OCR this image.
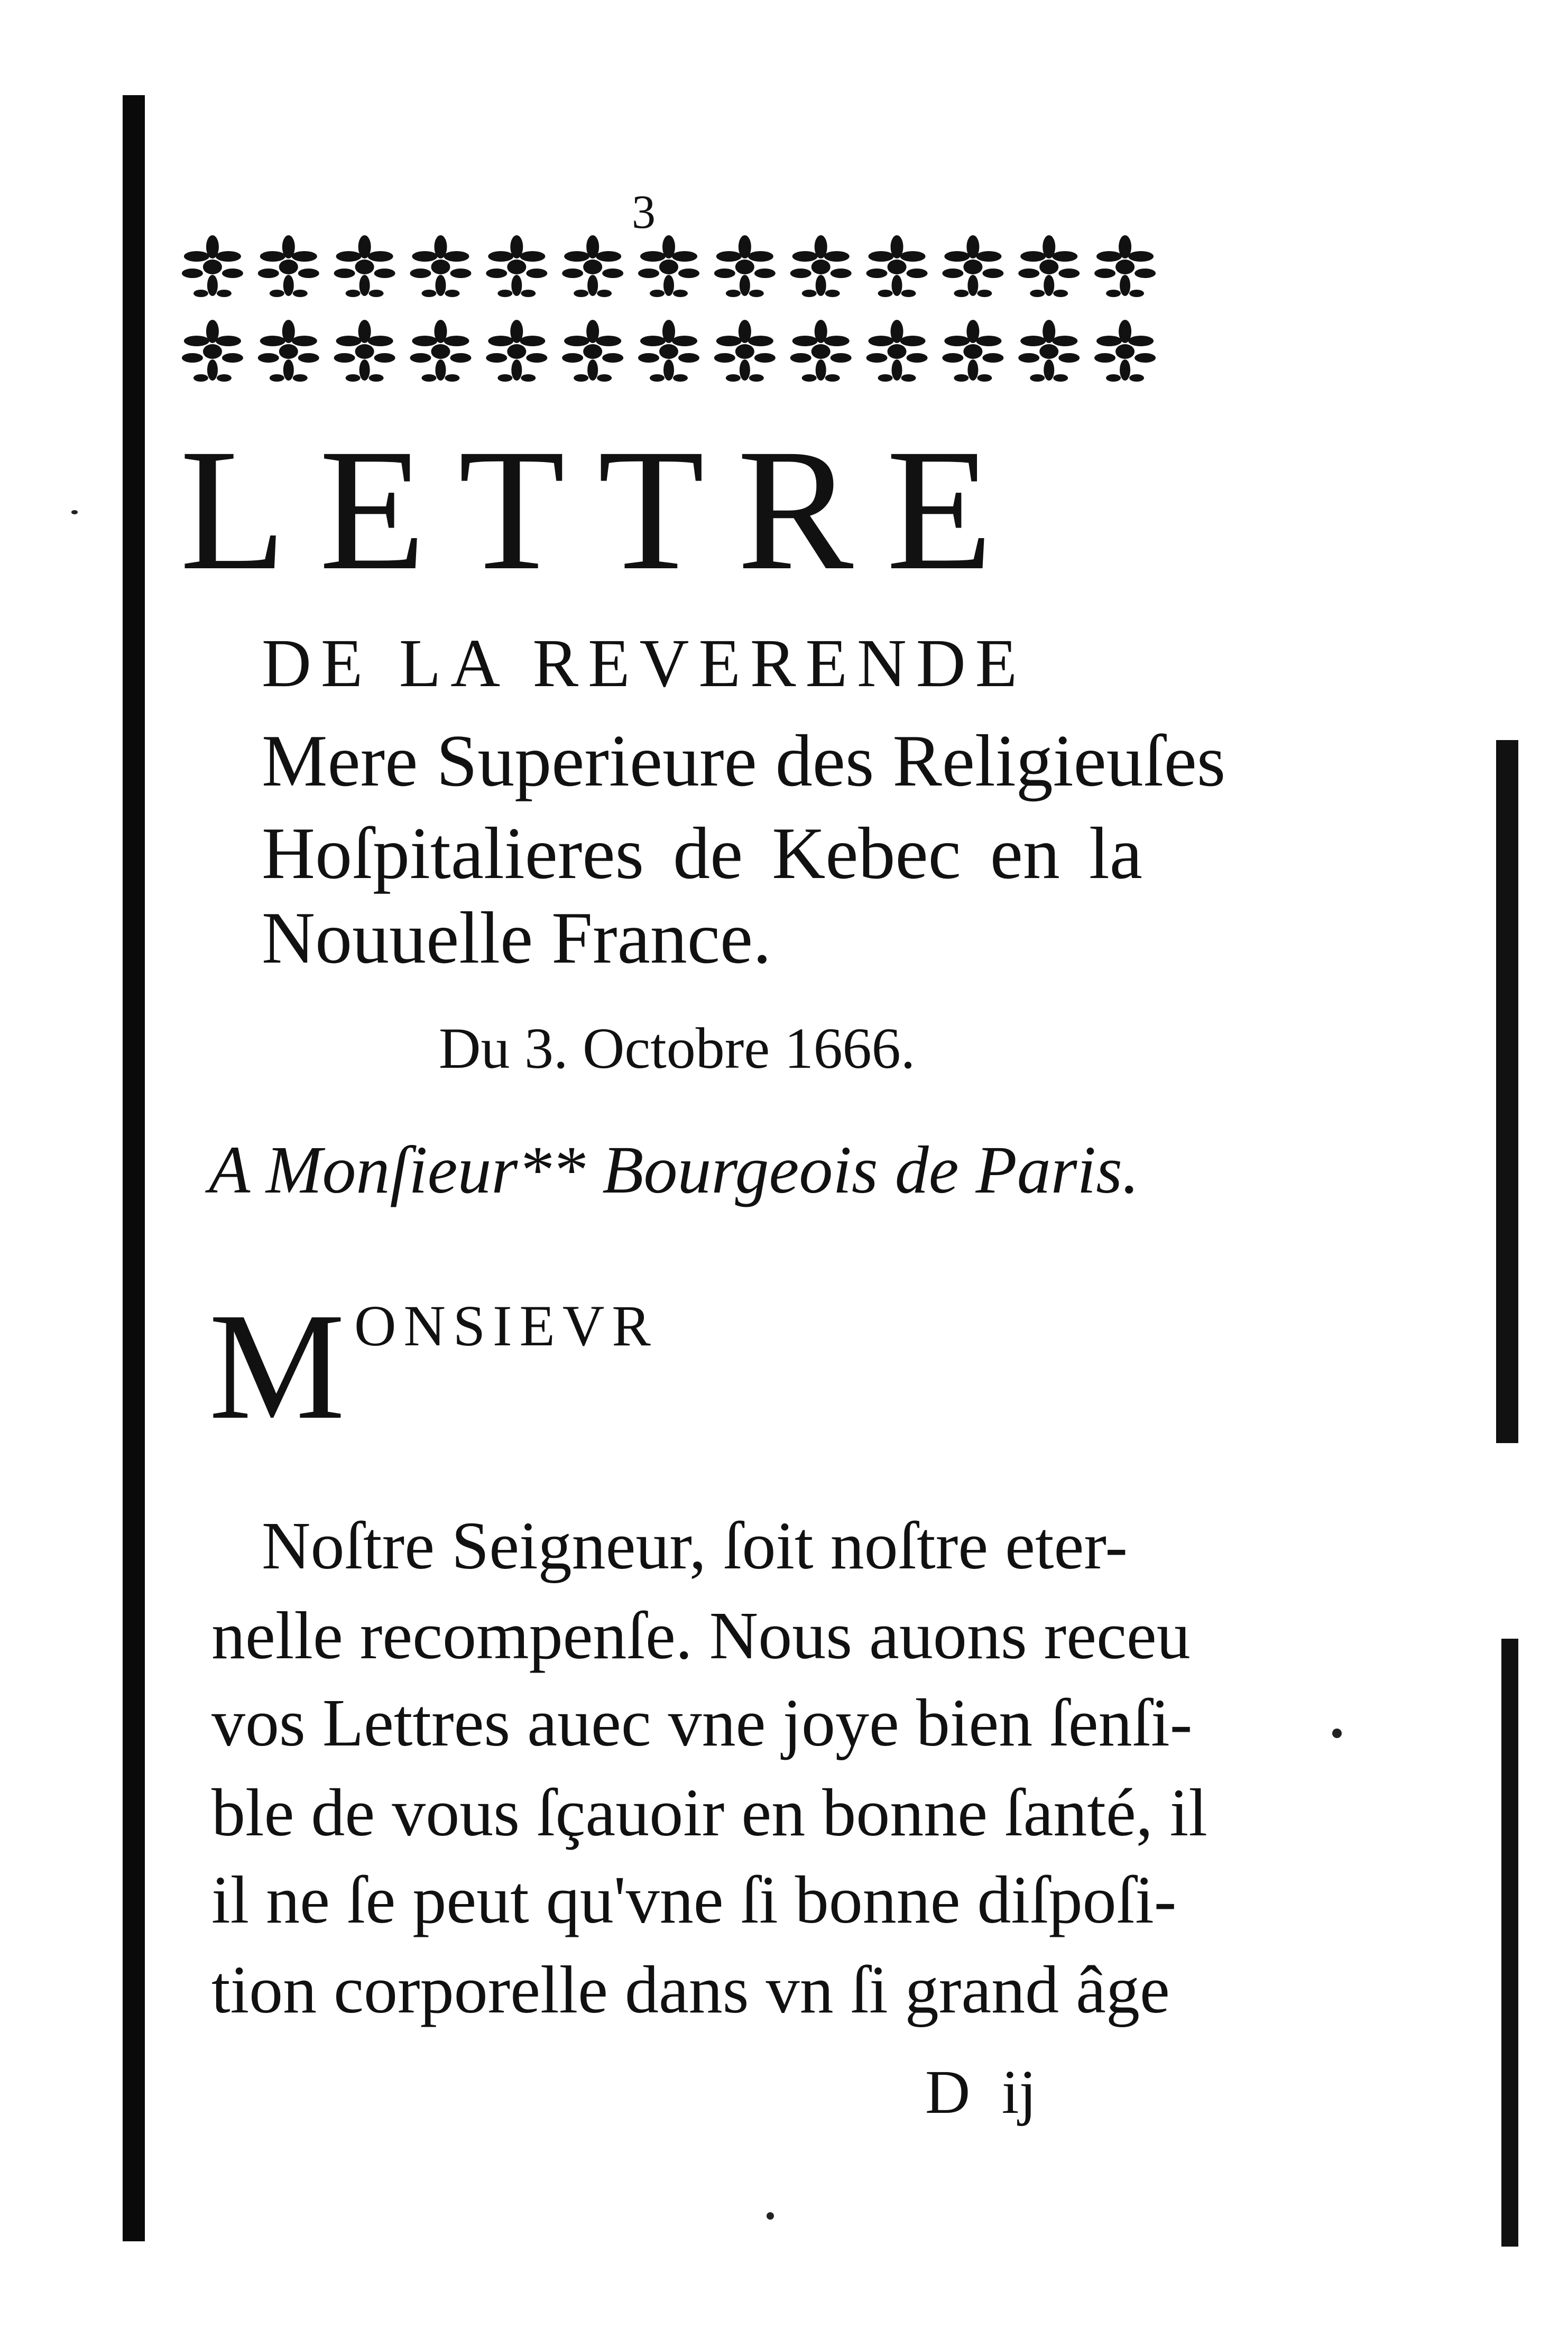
3
LETTRE
DE LA REVERENDE
Mere Superieure des Religieuſes
Hoſpitalieres de Kebec en la
Nouuelle France.
Du 3. Octobre 1666.
A Monſieur** Bourgeois de Paris.
M ONSIEVR
Noſtre Seigneur, ſoit noſtre eter-
nelle recompenſe. Nous auons receu
vos Lettres auec vne joye bien ſenſi-
ble de vous ſçauoir en bonne ſanté, il
il ne ſe peut qu'vne ſi bonne diſpoſi-
tion corporelle dans vn ſi grand âge
D ij
